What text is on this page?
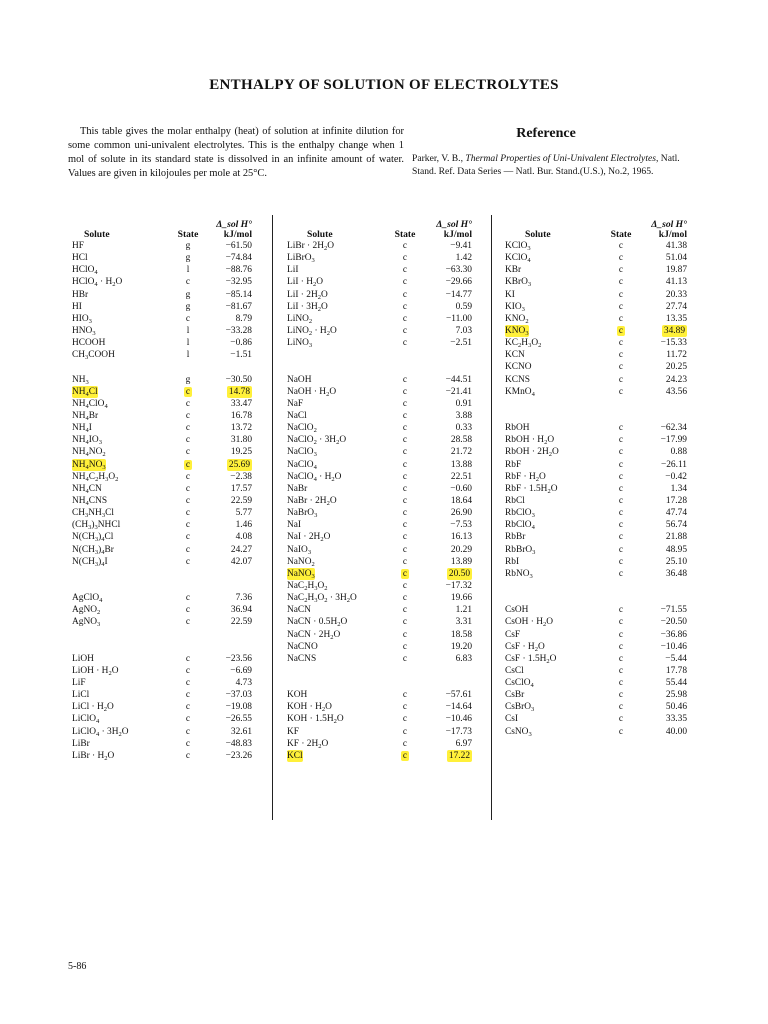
ENTHALPY OF SOLUTION OF ELECTROLYTES
This table gives the molar enthalpy (heat) of solution at infinite dilution for some common uni-univalent electrolytes. This is the enthalpy change when 1 mol of solute in its standard state is dissolved in an infinite amount of water. Values are given in kilojoules per mole at 25°C.
Reference
Parker, V. B., Thermal Properties of Uni-Univalent Electrolytes, Natl. Stand. Ref. Data Series — Natl. Bur. Stand.(U.S.), No.2, 1965.
Solute	State
Δ_sol H°
kJ/mol
HF	g	−61.50
HCl	g	−74.84
HClO$_4$	l	−88.76
HClO$_4$ · $H_2O$	c	−32.95
HBr	g	−85.14
HI	g	−81.67
$HIO_3$	c	8.79
$HNO_3$	l	−33.28
HCOOH	l	−0.86
$CH_3COOH$	l	−1.51
$NH_3$	g	−30.50
$NH_4Cl$	c	14.78
$NH_4ClO_4$	c	33.47
$NH_4Br$	c	16.78
$NH_4I$	c	13.72
$NH_4IO_3$	c	31.80
$NH_4NO_2$	c	19.25
$NH_4NO_3$	c	25.69
$NH_4C_2H_3O_2$	c	−2.38
$NH_4CN$	c	17.57
$NH_4CNS$	c	22.59
$CH_3NH_3Cl$	c	5.77
$(CH_3)_3NHCl$	c	1.46
$N(CH_3)_4Cl$	c	4.08
$N(CH_3)_4Br$	c	24.27
$N(CH_3)_4I$	c	42.07
AgClO$_4$	c	7.36
AgNO$_2$	c	36.94
AgNO$_3$	c	22.59
LiOH	c	−23.56
LiOH · $H_2O$	c	−6.69
LiF	c	4.73
LiCl	c	−37.03
LiCl · $H_2O$	c	−19.08
LiClO$_4$	c	−26.55
LiClO$_4$ · $3H_2O$	c	32.61
LiBr	c	−48.83
LiBr · $H_2O$	c	−23.26
Solute	State
Δ_sol H°
kJ/mol
LiBr · $2H_2O$	c	−9.41
LiBrO$_3$	c	1.42
LiI	c	−63.30
LiI · $H_2O$	c	−29.66
LiI · $2H_2O$	c	−14.77
LiI · $3H_2O$	c	0.59
LiNO$_2$	c	−11.00
LiNO$_2$ · $H_2O$	c	7.03
LiNO$_3$	c	−2.51
NaOH	c	−44.51
NaOH · $H_2O$	c	−21.41
NaF	c	0.91
NaCl	c	3.88
NaClO$_2$	c	0.33
NaClO$_2$ · $3H_2O$	c	28.58
NaClO$_3$	c	21.72
NaClO$_4$	c	13.88
NaClO$_4$ · $H_2O$	c	22.51
NaBr	c	−0.60
NaBr · $2H_2O$	c	18.64
NaBrO$_3$	c	26.90
NaI	c	−7.53
NaI · $2H_2O$	c	16.13
NaIO$_3$	c	20.29
NaNO$_2$	c	13.89
NaNO$_3$	c	20.50
$NaC_2H_3O_2$	c	−17.32
$NaC_2H_3O_2 \cdot 3H_2O$	c	19.66
NaCN	c	1.21
NaCN · $0.5H_2O$	c	3.31
NaCN · $2H_2O$	c	18.58
NaCNO	c	19.20
NaCNS	c	6.83
KOH	c	−57.61
KOH · $H_2O$	c	−14.64
KOH · $1.5H_2O$	c	−10.46
KF	c	−17.73
KF · $2H_2O$	c	6.97
KCl	c	17.22
Solute	State
Δ_sol H°
kJ/mol
KClO$_3$	c	41.38
KClO$_4$	c	51.04
KBr	c	19.87
KBrO$_3$	c	41.13
KI	c	20.33
$KIO_3$	c	27.74
$KNO_2$	c	13.35
$KNO_3$	c	34.89
$KC_2H_3O_2$	c	−15.33
KCN	c	11.72
KCNO	c	20.25
KCNS	c	24.23
KMnO$_4$	c	43.56
RbOH	c	−62.34
RbOH · $H_2O$	c	−17.99
RbOH · $2H_2O$	c	0.88
RbF	c	−26.11
RbF · $H_2O$	c	−0.42
RbF · $1.5H_2O$	c	1.34
RbCl	c	17.28
RbClO$_3$	c	47.74
RbClO$_4$	c	56.74
RbBr	c	21.88
RbBrO$_3$	c	48.95
RbI	c	25.10
RbNO$_3$	c	36.48
CsOH	c	−71.55
CsOH · $H_2O$	c	−20.50
CsF	c	−36.86
CsF · $H_2O$	c	−10.46
CsF · $1.5H_2O$	c	−5.44
CsCl	c	17.78
CsClO$_4$	c	55.44
CsBr	c	25.98
CsBrO$_3$	c	50.46
CsI	c	33.35
CsNO$_3$	c	40.00
5-86
